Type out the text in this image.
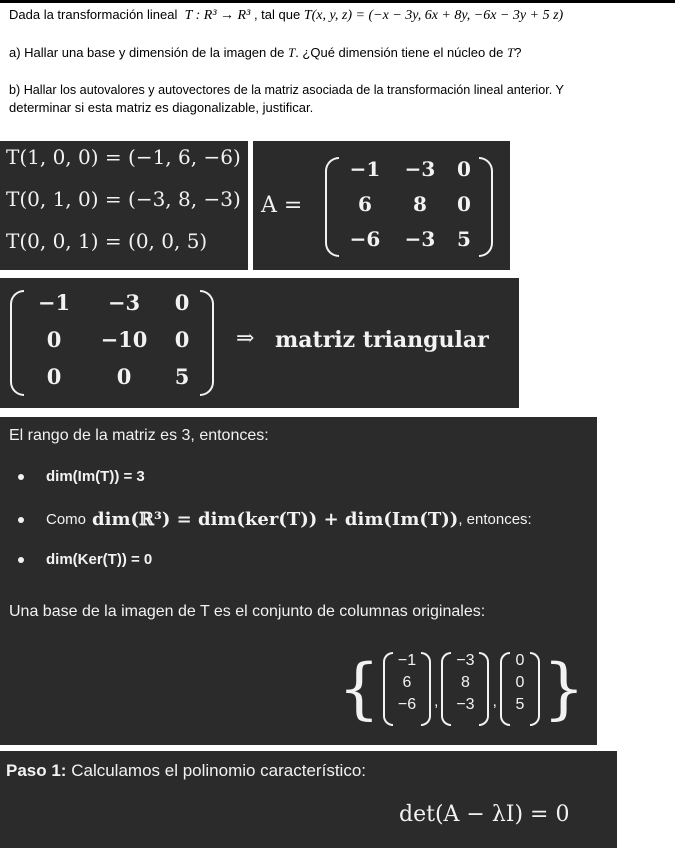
Dada la transformación lineal T : R³ → R³ , tal que T(x, y, z) = (−x − 3y, 6x + 8y, −6x − 3y + 5 z)
a) Hallar una base y dimensión de la imagen de T. ¿Qué dimensión tiene el núcleo de T?
b) Hallar los autovalores y autovectores de la matriz asociada de la transformación lineal anterior. Y
determinar si esta matriz es diagonalizable, justificar.
T(1, 0, 0) = (−1, 6, −6)
T(0, 1, 0) = (−3, 8, −3)
T(0, 0, 1) = (0, 0, 5)
A =
−1	−3	0
6	8	0
−6	−3	5
−1	−3	0
0	−10	0
0	0	5
⇒ matriz triangular
El rango de la matriz es 3, entonces:
dim(Im(T)) = 3
Como dim(ℝ³) = dim(ker(T)) + dim(Im(T)) , entonces:
dim(Ker(T)) = 0
Una base de la imagen de T es el conjunto de columnas originales:
{ −1
6
−6 ,
−3
8
−3 ,
0
0
5 }
Paso 1: Calculamos el polinomio característico:
det(A − λI) = 0
